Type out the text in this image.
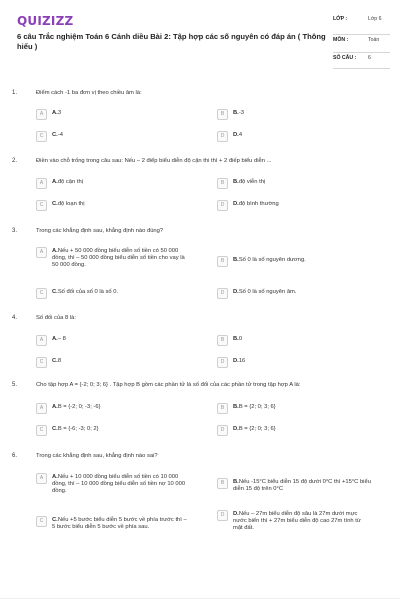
QUIZIZZ
6 câu Trắc nghiệm Toán 6 Cánh diều Bài 2: Tập hợp các số nguyên có đáp án ( Thông hiểu )
LỚP :	Lớp 6
MÔN :	Toán
SỐ CÂU :	6
1.	Điểm cách -1 ba đơn vị theo chiều âm là:
A	A.3	B	B.-3
C	C.-4	D	D.4
2.	Điền vào chỗ trống trong câu sau: Nếu – 2 điểp biểu diễn độ cận thi thì + 2 điếp biểu diễn ...
A	A.độ cận thị	B	B.độ viễn thị
C	C.độ loạn thị	D	D.độ bình thường
3.	Trong các khẳng định sau, khẳng định nào đúng?
A	A.Nếu + 50 000 đồng biểu diễn số tiền có 50 000 đồng, thì – 50 000 đồng biểu diễn số tiền cho vay là 50 000 đồng.
B	B.Số 0 là số nguyên dương.
C	C.Số đối của số 0 là số 0.	D	D.Số 0 là số nguyên âm.
4.	Số đối của 8 là:
A	A.– 8	B	B.0
C	C.8	D	D.16
5.	Cho tập hợp A = {-2; 0; 3; 6} . Tập hợp B gồm các phần tử là số đối của các phần tử trong tập hợp A là:
A	A.B = {-2; 0; -3; -6}	B	B.B = {2; 0; 3; 6}
C	C.B = {-6; -3; 0; 2}	D	D.B = {2; 0; 3; 6}
6.	Trong các khẳng định sau, khẳng định nào sai?
A	A.Nếu + 10 000 đồng biểu diễn số tiền có 10 000 đồng, thì – 10 000 đồng biểu diễn số tiền nợ 10 000 đồng.
B	B.Nếu -15°C biểu diễn 15 độ dưới 0°C thì +15°C biểu diễn 15 độ trên 0°C
C	C.Nếu +5 bước biểu diễn 5 bước về phía trước thì – 5 bước biểu diễn 5 bước về phía sau.
D	D.Nếu – 27m biểu diễn độ sâu là 27m dưới mực nước biển thì + 27m biểu diễn độ cao 27m tính từ mặt đất.
